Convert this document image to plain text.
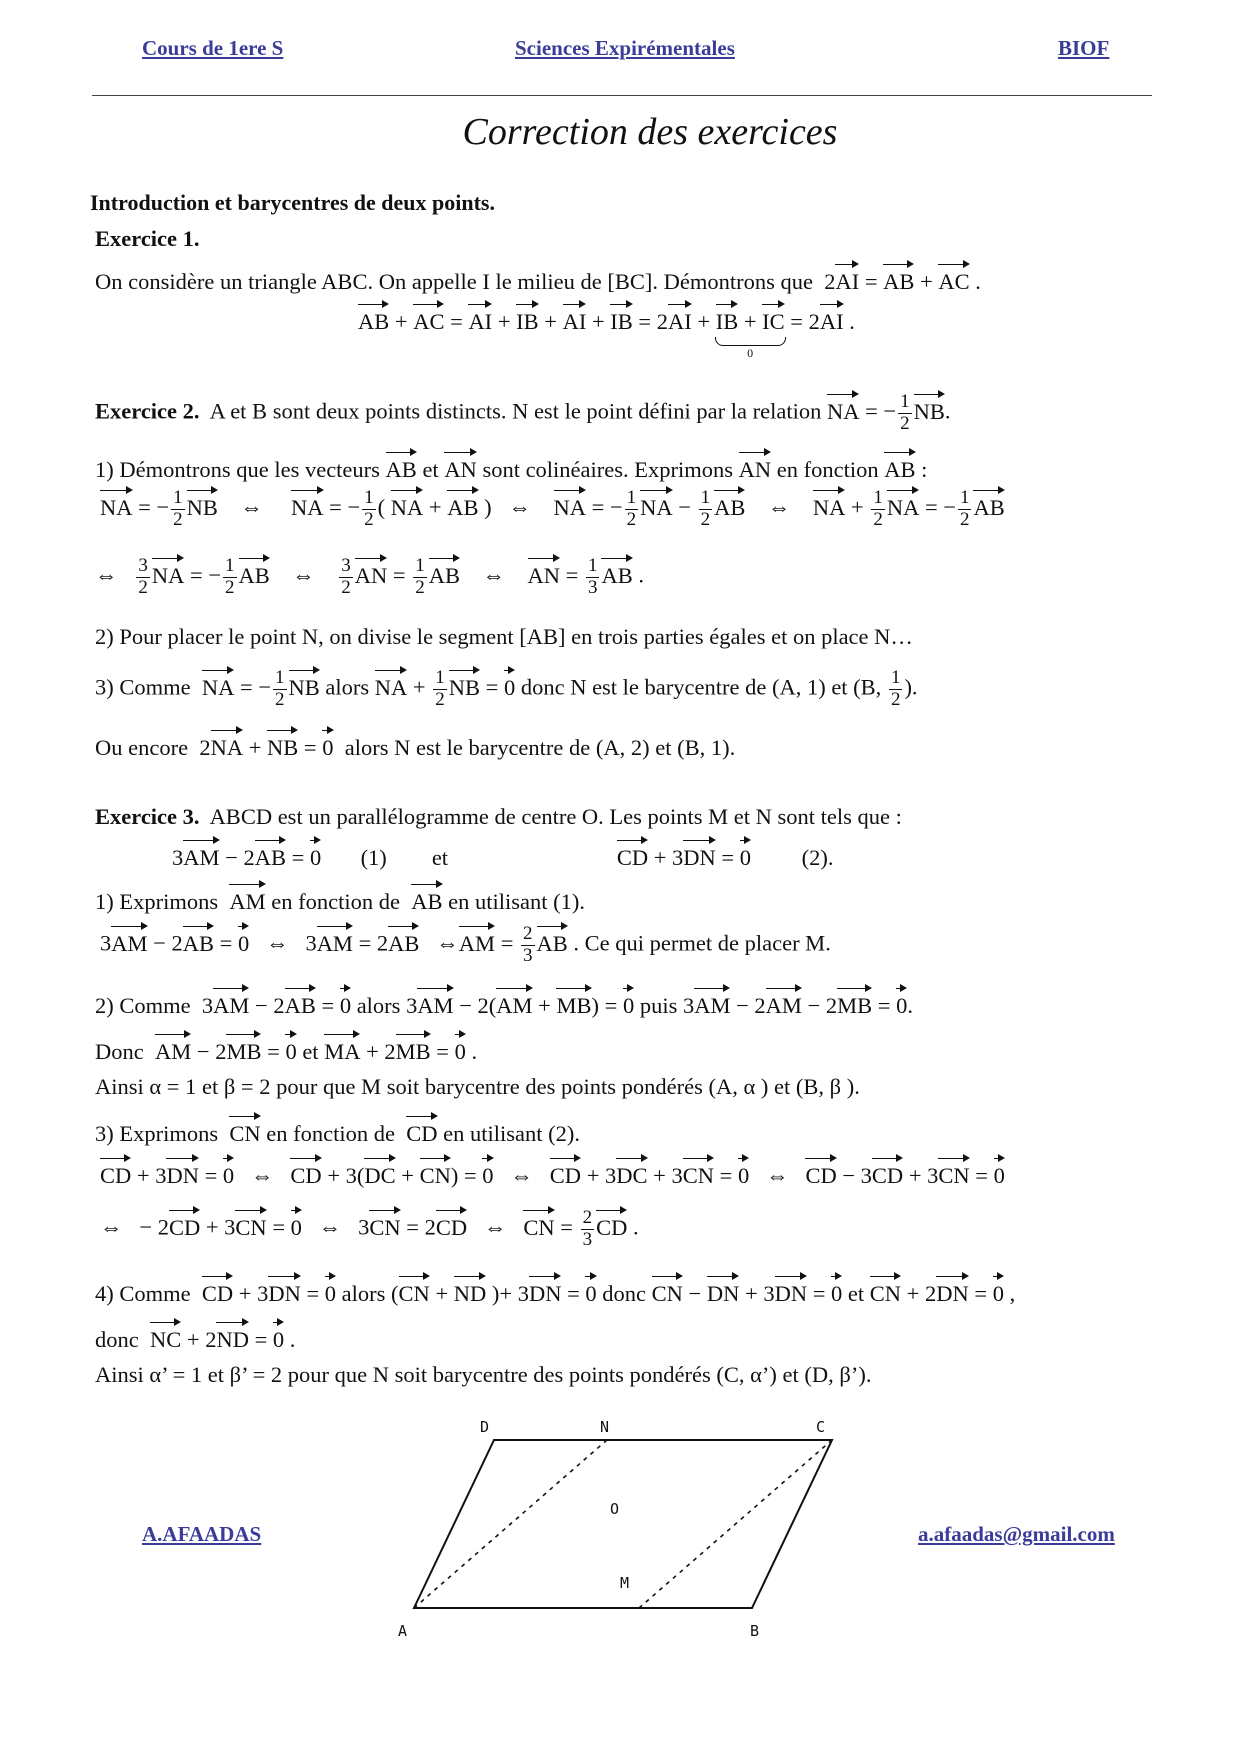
Cours de 1ere S	Sciences Expirémentales	BIOF
Correction des exercices
Introduction et barycentres de deux points.
Exercice 1.
On considère un triangle ABC. On appelle I le milieu de [BC]. Démontrons que  2AI = AB + AC .
AB + AC = AI + IB + AI + IB = 2AI + IB + IC
0
= 2AI .
Exercice 2. A et B sont deux points distincts. N est le point défini par la relation NA = − $\frac{1}{2}$ NB.
1) Démontrons que les vecteurs AB et AN sont colinéaires. Exprimons AN en fonction AB :
NA = − $\frac{1}{2}$ NB    ⇔     NA = − $\frac{1}{2}$ ( NA + AB )   ⇔    NA = − $\frac{1}{2}$ NA − $\frac{1}{2}$ AB    ⇔    NA + $\frac{1}{2}$ NA = − $\frac{1}{2}$ AB
⇔ $\frac{3}{2}$ NA = − $\frac{1}{2}$ AB    ⇔ $\frac{3}{2}$ AN = $\frac{1}{2}$ AB    ⇔    AN = $\frac{1}{3}$ AB .
2) Pour placer le point N, on divise le segment [AB] en trois parties égales et on place N…
3) Comme NA = − $\frac{1}{2}$ NB alors NA + $\frac{1}{2}$ NB = 0 donc N est le barycentre de (A, 1) et (B, $\frac{1}{2}$ ).
Ou encore  2NA + NB = 0 alors N est le barycentre de (A, 2) et (B, 1).
Exercice 3. ABCD est un parallélogramme de centre O. Les points M et N sont tels que :
3AM − 2AB = 0 (1) et	CD + 3DN = 0 (2).
1) Exprimons AM en fonction de AB en utilisant (1).
3AM − 2AB = 0   ⇔   3AM = 2AB   ⇔AM = $\frac{2}{3}$ AB . Ce qui permet de placer M.
2) Comme  3AM − 2AB = 0 alors 3AM − 2(AM + MB) = 0 puis 3AM − 2AM − 2MB = 0.
Donc AM − 2MB = 0 et MA + 2MB = 0 .
Ainsi α = 1 et β = 2 pour que M soit barycentre des points pondérés (A, α ) et (B, β ).
3) Exprimons CN en fonction de CD en utilisant (2).
CD + 3DN = 0   ⇔   CD + 3(DC + CN) = 0   ⇔   CD + 3DC + 3CN = 0   ⇔   CD − 3CD + 3CN = 0
⇔   − 2CD + 3CN = 0   ⇔   3CN = 2CD   ⇔   CN = $\frac{2}{3}$ CD .
4) Comme CD + 3DN = 0 alors (CN + ND )+ 3DN = 0 donc CN − DN + 3DN = 0 et CN + 2DN = 0 ,
donc NC + 2ND = 0 .
Ainsi α’ = 1 et β’ = 2 pour que N soit barycentre des points pondérés (C, α’) et (D, β’).
A	B
C
D	N
M
O
A.AFAADAS	a.afaadas@gmail.com
